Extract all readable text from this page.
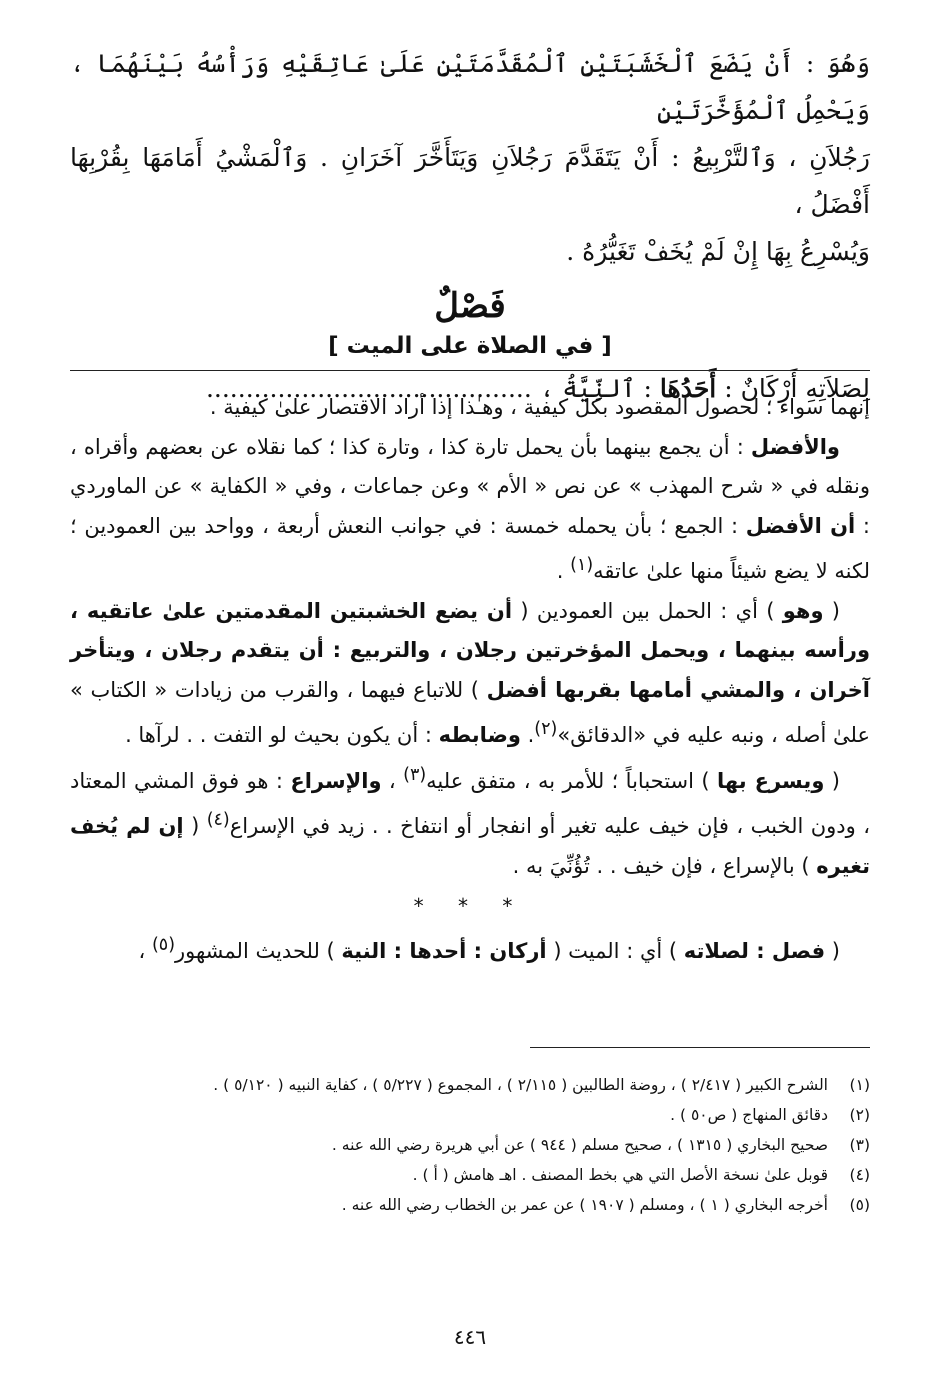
وَهُوَ : أَنْ يَضَعَ ٱلْخَشَبَتَيْنِ ٱلْمُقَدَّمَتَيْنِ عَلَىٰ عَاتِقَيْهِ وَرَأْسُهُ بَيْنَهُمَا ، وَيَحْمِلُ ٱلْمُؤَخَّرَتَيْنِ

رَجُلاَنِ ، وَٱلتَّرْبِيعُ : أَنْ يَتَقَدَّمَ رَجُلاَنِ وَيَتَأَخَّرَ آخَرَانِ . وَٱلْمَشْيُ أَمَامَهَا بِقُرْبِهَا أَفْضَلُ ،

وَيُسْرِعُ بِهَا إِنْ لَمْ يُخَفْ تَغَيُّرُهُ .

فَصْلٌ
[ في الصلاة على الميت ]
لِصَلاَتِهِ أَرْكَانٌ : أَحَدُهَا : ٱلنِّيَّةُ ، .........................................

إنهما سواء ؛ لحصول المقصود بكل كيفية ، وهـٰذا إذا أراد الاقتصار علىٰ كيفية .

والأفضل : أن يجمع بينهما بأن يحمل تارة كذا ، وتارة كذا ؛ كما نقلاه عن بعضهم وأقراه ، ونقله في « شرح المهذب » عن نص « الأم » وعن جماعات ، وفي « الكفاية » عن الماوردي : أن الأفضل : الجمع ؛ بأن يحمله خمسة : في جوانب النعش أربعة ، وواحد بين العمودين ؛ لكنه لا يضع شيئاً منها علىٰ عاتقه$^{(١)}$ .

( وهو ) أي : الحمل بين العمودين ( أن يضع الخشبتين المقدمتين علىٰ عاتقيه ، ورأسه بينهما ، ويحمل المؤخرتين رجلان ، والتربيع : أن يتقدم رجلان ، ويتأخر آخران ، والمشي أمامها بقربها أفضل ) للاتباع فيهما ، والقرب من زيادات « الكتاب » علىٰ أصله ، ونبه عليه في «الدقائق»$^{(٢)}$. وضابطه : أن يكون بحيث لو التفت . . لرآها .

( ويسرع بها ) استحباباً ؛ للأمر به ، متفق عليه$^{(٣)}$ ، والإسراع : هو فوق المشي المعتاد ، ودون الخبب ، فإن خيف عليه تغير أو انفجار أو انتفاخ . . زيد في الإسراع$^{(٤)}$ ( إن لم يُخف تغيره ) بالإسراع ، فإن خيف . . تُؤُنِّيَ به .

* * *

( فصل : لصلاته ) أي : الميت ( أركان : أحدها : النية ) للحديث المشهور$^{(٥)}$ ،

(١)
الشرح الكبير ( ٢/٤١٧ ) ، روضة الطالبين ( ٢/١١٥ ) ، المجموع ( ٥/٢٢٧ ) ، كفاية النبيه ( ٥/١٢٠ ) .
(٢)
دقائق المنهاج ( ص٥٠ ) .
(٣)
صحيح البخاري ( ١٣١٥ ) ، صحيح مسلم ( ٩٤٤ ) عن أبي هريرة رضي الله عنه .
(٤)
قوبل علىٰ نسخة الأصل التي هي بخط المصنف . اهـ هامش ( أ ) .
(٥)
أخرجه البخاري ( ١ ) ، ومسلم ( ١٩٠٧ ) عن عمر بن الخطاب رضي الله عنه .
٤٤٦
